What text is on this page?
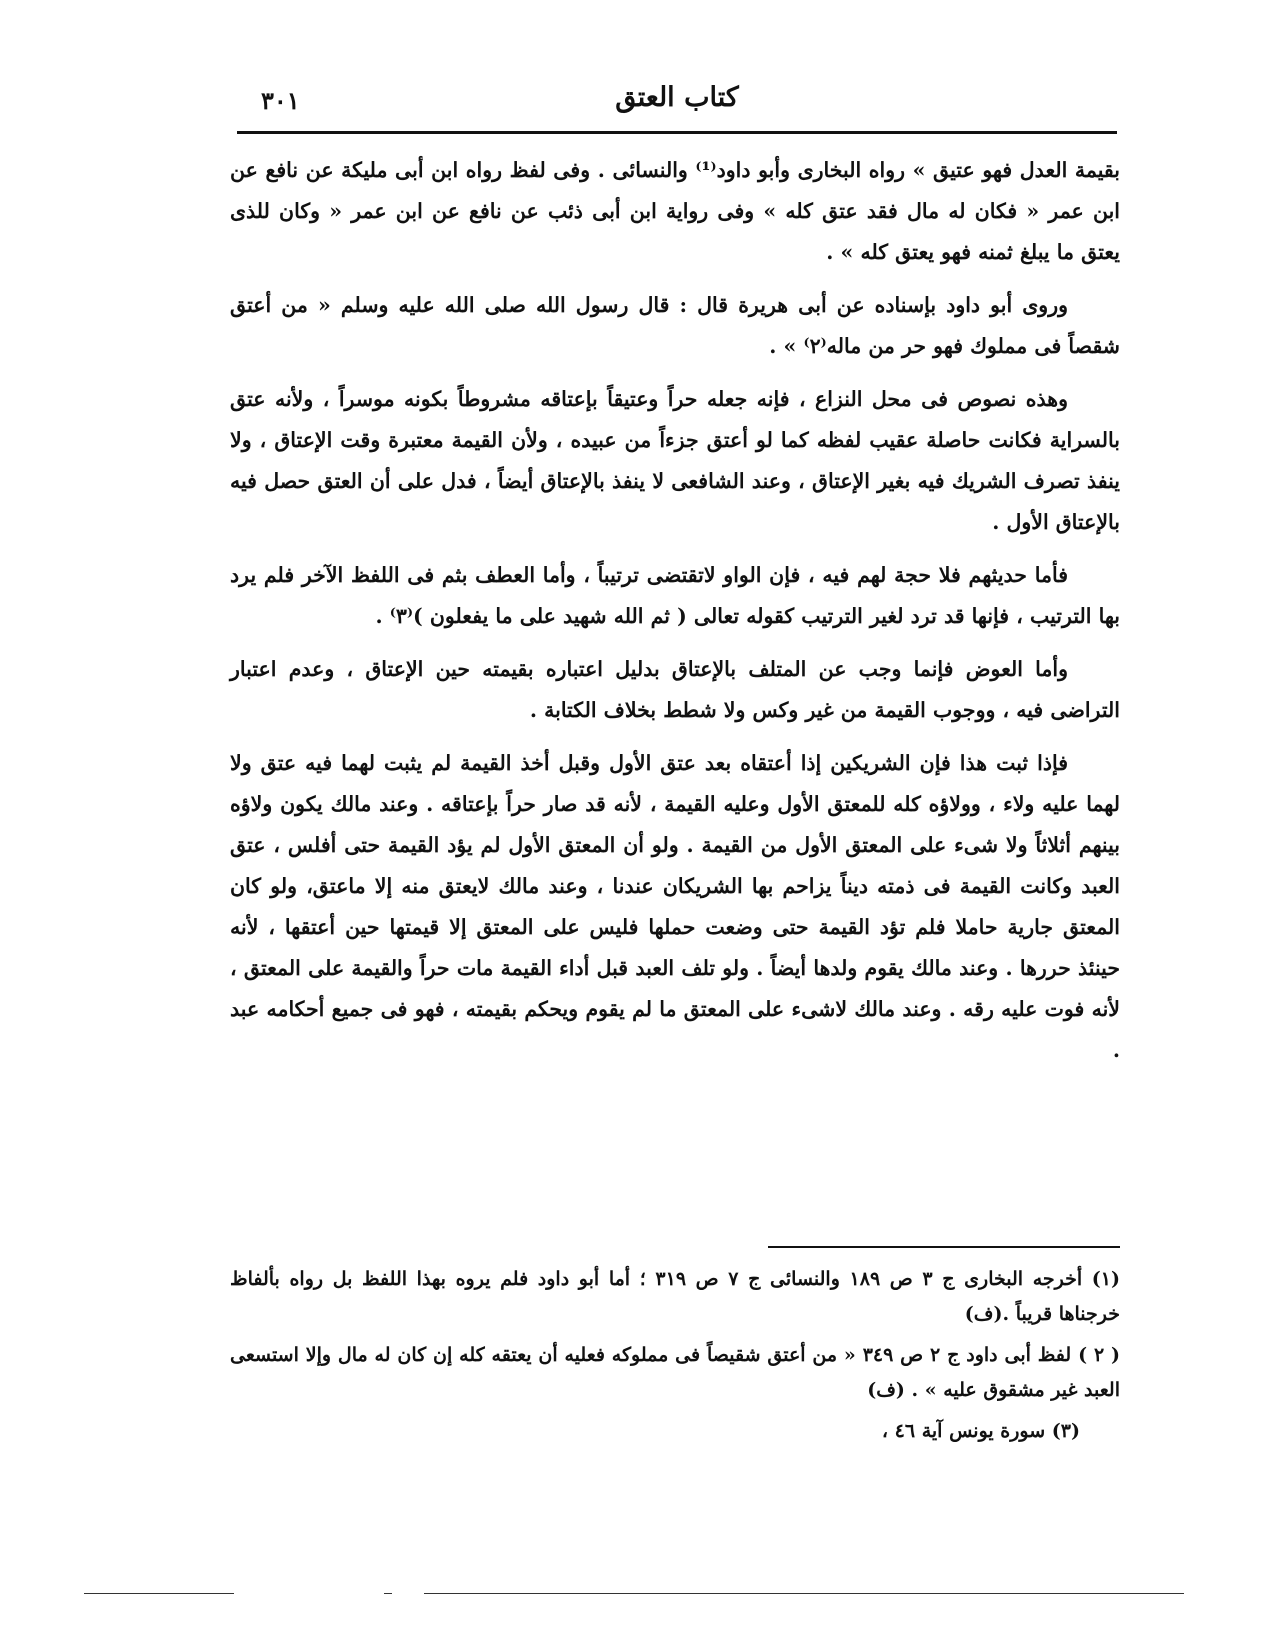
كتاب العتق
٣٠١

بقيمة العدل فهو عتيق » رواه البخارى وأبو داود⁽¹⁾ والنسائى . وفى لفظ رواه ابن أبى مليكة عن نافع عن ابن عمر « فكان له مال فقد عتق كله » وفى رواية ابن أبى ذئب عن نافع عن ابن عمر « وكان للذى يعتق ما يبلغ ثمنه فهو يعتق كله » .

وروى أبو داود بإسناده عن أبى هريرة قال : قال رسول الله صلى الله عليه وسلم « من أعتق شقصاً فى مملوك فهو حر من ماله⁽٢⁾ » .

وهذه نصوص فى محل النزاع ، فإنه جعله حراً وعتيقاً بإعتاقه مشروطاً بكونه موسراً ، ولأنه عتق بالسراية فكانت حاصلة عقيب لفظه كما لو أعتق جزءاً من عبيده ، ولأن القيمة معتبرة وقت الإعتاق ، ولا ينفذ تصرف الشريك فيه بغير الإعتاق ، وعند الشافعى لا ينفذ بالإعتاق أيضاً ، فدل على أن العتق حصل فيه بالإعتاق الأول .

فأما حديثهم فلا حجة لهم فيه ، فإن الواو لاتقتضى ترتيباً ، وأما العطف بثم فى اللفظ الآخر فلم يرد بها الترتيب ، فإنها قد ترد لغير الترتيب كقوله تعالى ( ثم الله شهيد على ما يفعلون )⁽٣⁾ .

وأما العوض فإنما وجب عن المتلف بالإعتاق بدليل اعتباره بقيمته حين الإعتاق ، وعدم اعتبار التراضى فيه ، ووجوب القيمة من غير وكس ولا شطط بخلاف الكتابة .

فإذا ثبت هذا فإن الشريكين إذا أعتقاه بعد عتق الأول وقبل أخذ القيمة لم يثبت لهما فيه عتق ولا لهما عليه ولاء ، وولاؤه كله للمعتق الأول وعليه القيمة ، لأنه قد صار حراً بإعتاقه . وعند مالك يكون ولاؤه بينهم أثلاثاً ولا شىء على المعتق الأول من القيمة . ولو أن المعتق الأول لم يؤد القيمة حتى أفلس ، عتق العبد وكانت القيمة فى ذمته ديناً يزاحم بها الشريكان عندنا ، وعند مالك لايعتق منه إلا ماعتق، ولو كان المعتق جارية حاملا فلم تؤد القيمة حتى وضعت حملها فليس على المعتق إلا قيمتها حين أعتقها ، لأنه حينئذ حررها . وعند مالك يقوم ولدها أيضاً . ولو تلف العبد قبل أداء القيمة مات حراً والقيمة على المعتق ، لأنه فوت عليه رقه . وعند مالك لاشىء على المعتق ما لم يقوم ويحكم بقيمته ، فهو فى جميع أحكامه عبد .

(١) أخرجه البخارى ج ٣ ص ١٨٩ والنسائى ج ٧ ص ٣١٩ ؛ أما أبو داود فلم يروه بهذا اللفظ بل رواه بألفاظ خرجناها قريباً .(ف)

( ٢ ) لفظ أبى داود ج ٢ ص ٣٤٩ « من أعتق شقيصاً فى مملوكه فعليه أن يعتقه كله إن كان له مال وإلا استسعى العبد غير مشقوق عليه » . (ف)

(٣) سورة يونس آية ٤٦ ،
